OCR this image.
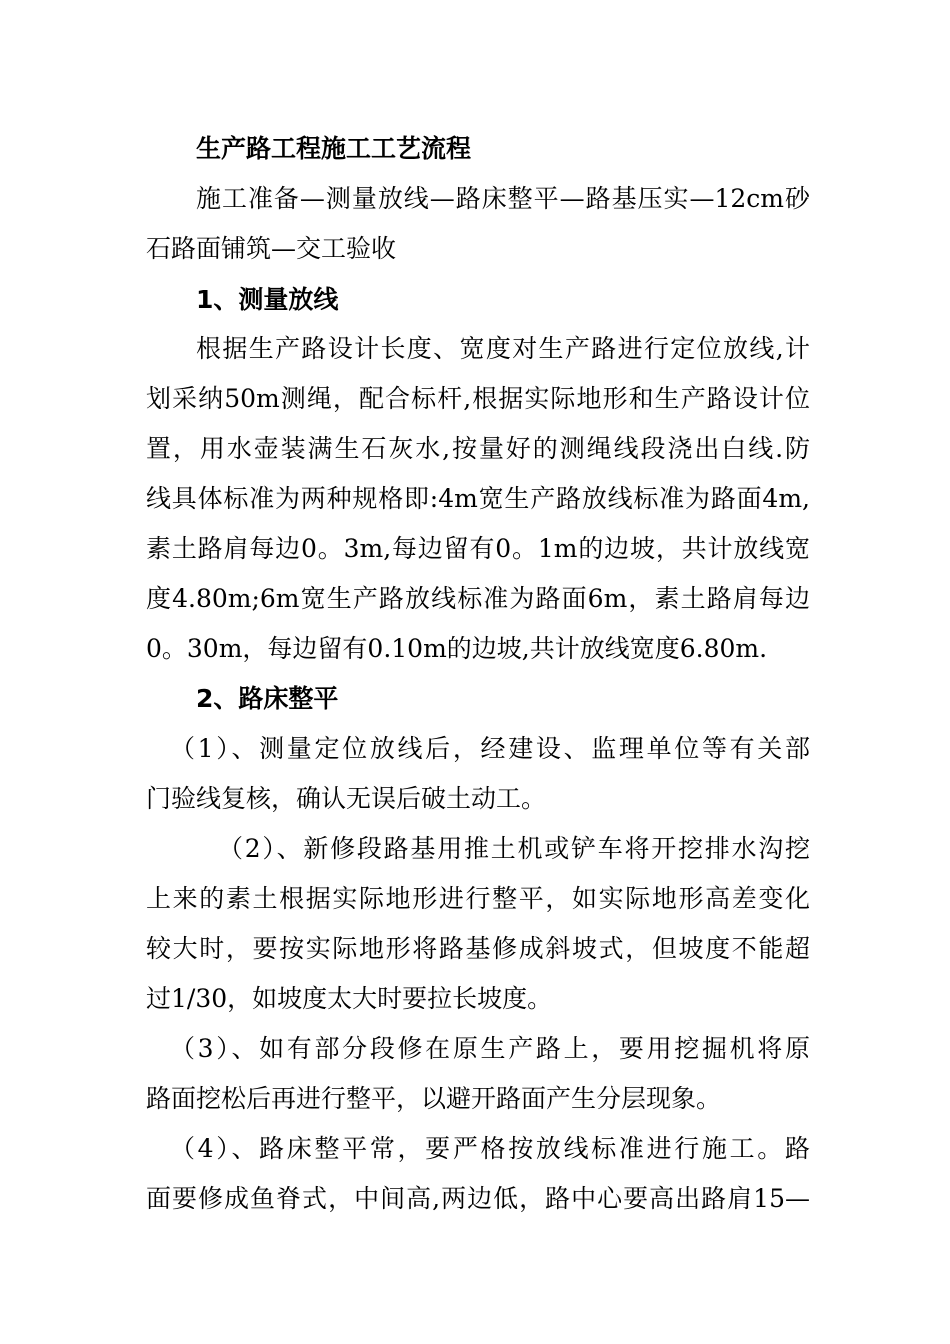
生产路工程施工工艺流程
施工准备—测量放线—路床整平—路基压实—12cm砂
石路面铺筑—交工验收
1、测量放线
根据生产路设计长度、宽度对生产路进行定位放线,计
划采纳50m测绳，配合标杆,根据实际地形和生产路设计位
置，用水壶装满生石灰水,按量好的测绳线段浇出白线.防
线具体标准为两种规格即:4m宽生产路放线标准为路面4m,
素土路肩每边0。3m,每边留有0。1m的边坡，共计放线宽
度4.80m;6m宽生产路放线标准为路面6m，素土路肩每边
0。30m，每边留有0.10m的边坡,共计放线宽度6.80m.
2、路床整平
（1）、测量定位放线后，经建设、监理单位等有关部
门验线复核，确认无误后破土动工。
（2）、新修段路基用推土机或铲车将开挖排水沟挖
上来的素土根据实际地形进行整平，如实际地形高差变化
较大时，要按实际地形将路基修成斜坡式，但坡度不能超
过1/30，如坡度太大时要拉长坡度。
（3）、如有部分段修在原生产路上，要用挖掘机将原
路面挖松后再进行整平，以避开路面产生分层现象。
（4）、路床整平常，要严格按放线标准进行施工。路
面要修成鱼脊式，中间高,两边低，路中心要高出路肩15—
